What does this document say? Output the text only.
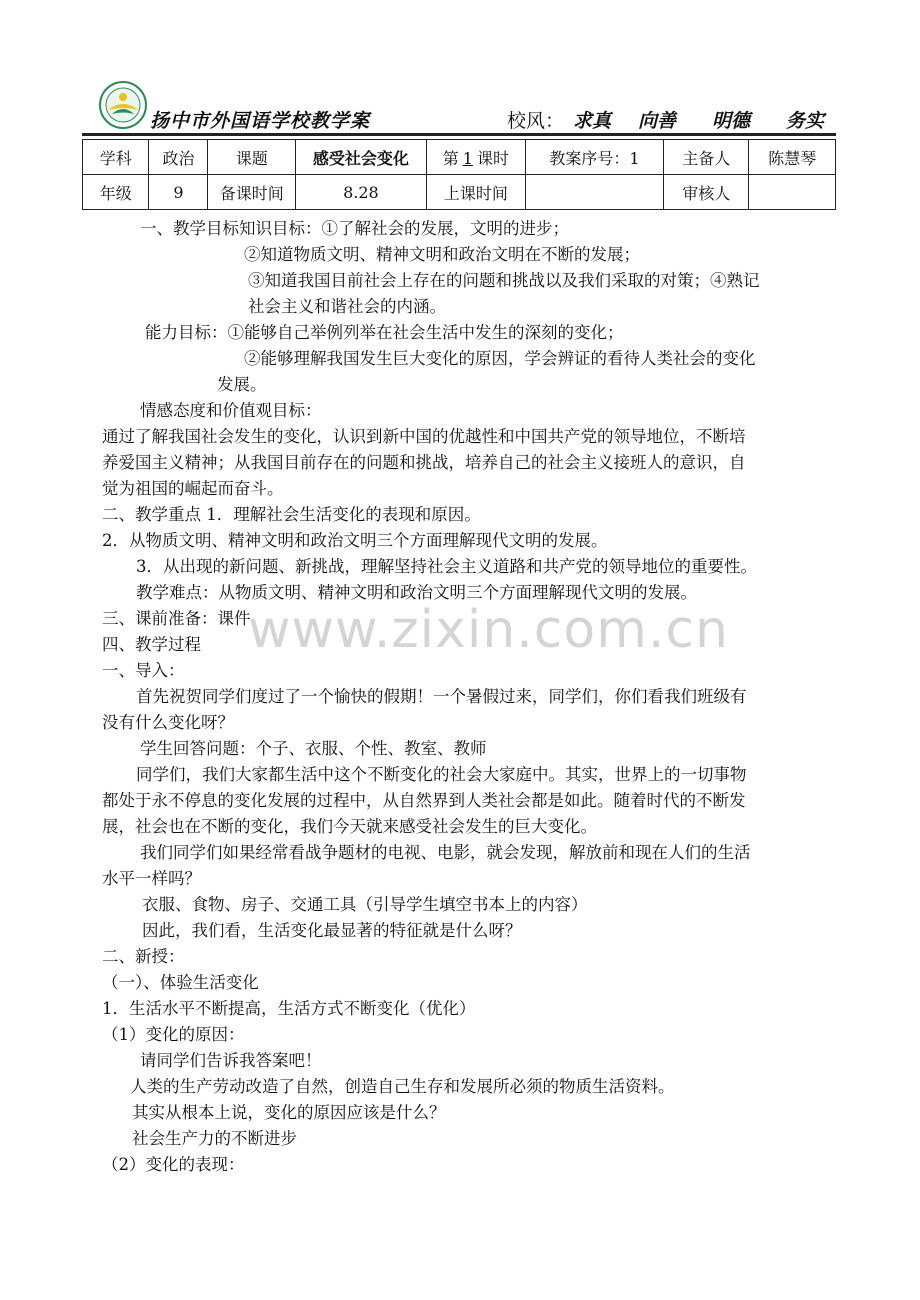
扬中市外国语学校教学案	校风： 求真 向善 明德 务实
学科	政治	课题	感受社会变化	第 1 课时	教案序号：1	主备人	陈慧琴
年级	9	备课时间	8.28	上课时间		审核人	
一、教学目标知识目标：①了解社会的发展，文明的进步；
②知道物质文明、精神文明和政治文明在不断的发展；
③知道我国目前社会上存在的问题和挑战以及我们采取的对策；④熟记
社会主义和谐社会的内涵。
能力目标：①能够自己举例列举在社会生活中发生的深刻的变化；
②能够理解我国发生巨大变化的原因，学会辨证的看待人类社会的变化
发展。
情感态度和价值观目标：
通过了解我国社会发生的变化，认识到新中国的优越性和中国共产党的领导地位，不断培
养爱国主义精神；从我国目前存在的问题和挑战，培养自己的社会主义接班人的意识，自
觉为祖国的崛起而奋斗。
二、教学重点 1．理解社会生活变化的表现和原因。
2．从物质文明、精神文明和政治文明三个方面理解现代文明的发展。
3．从出现的新问题、新挑战，理解坚持社会主义道路和共产党的领导地位的重要性。
教学难点：从物质文明、精神文明和政治文明三个方面理解现代文明的发展。
三、课前准备：课件
四、教学过程
一、导入：
首先祝贺同学们度过了一个愉快的假期！一个暑假过来，同学们，你们看我们班级有
没有什么变化呀？
学生回答问题：个子、衣服、个性、教室、教师
同学们，我们大家都生活中这个不断变化的社会大家庭中。其实，世界上的一切事物
都处于永不停息的变化发展的过程中，从自然界到人类社会都是如此。随着时代的不断发
展，社会也在不断的变化，我们今天就来感受社会发生的巨大变化。
我们同学们如果经常看战争题材的电视、电影，就会发现，解放前和现在人们的生活
水平一样吗？
衣服、食物、房子、交通工具（引导学生填空书本上的内容）
因此，我们看，生活变化最显著的特征就是什么呀？
二、新授：
（一）、体验生活变化
1．生活水平不断提高，生活方式不断变化（优化）
（1）变化的原因：
请同学们告诉我答案吧！
人类的生产劳动改造了自然，创造自己生存和发展所必须的物质生活资料。
其实从根本上说，变化的原因应该是什么？
社会生产力的不断进步
（2）变化的表现：
www.zixin.com.cn
